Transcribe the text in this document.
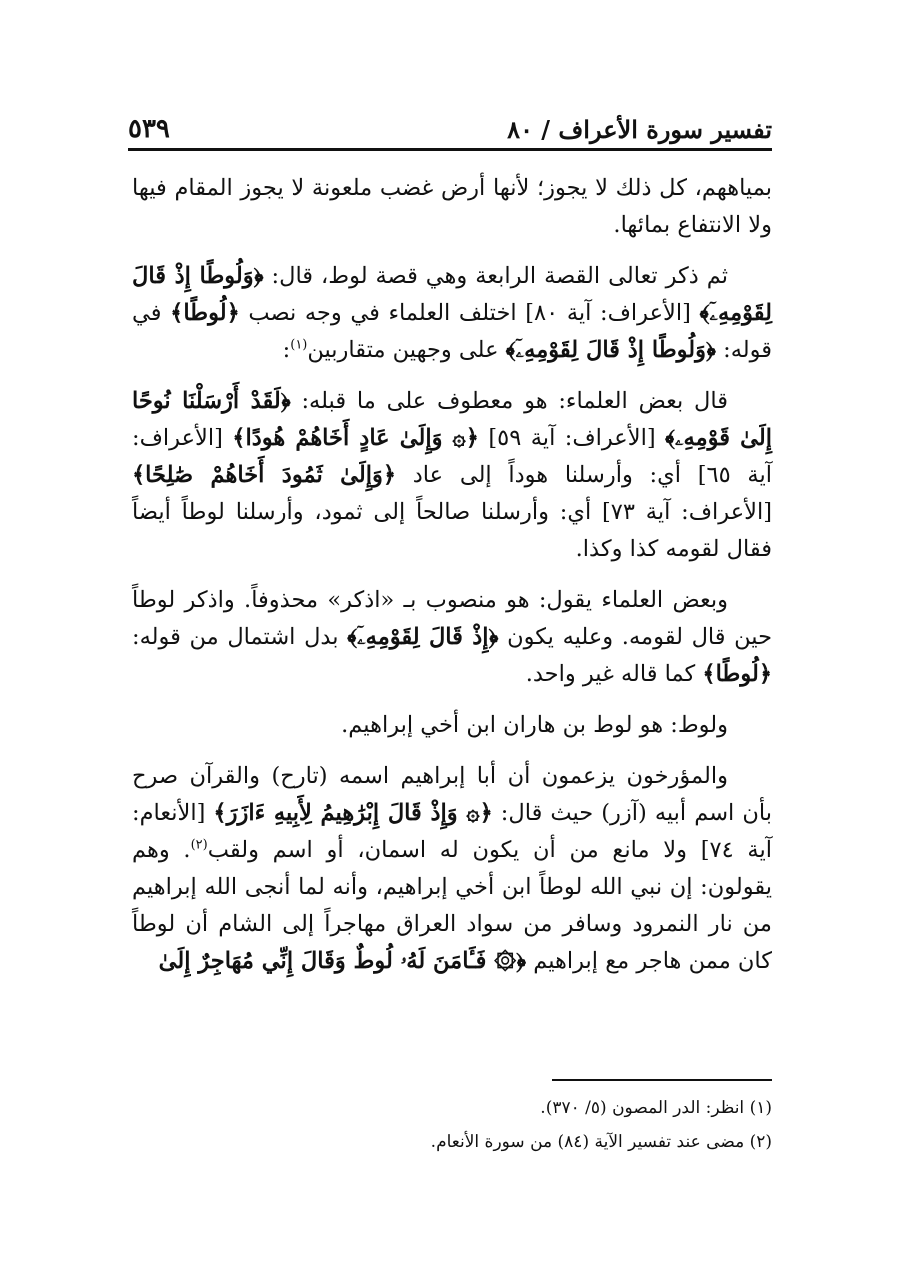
تفسير سورة الأعراف / ٨٠
٥٣٩

بمياههم، كل ذلك لا يجوز؛ لأنها أرض غضب ملعونة لا يجوز المقام فيها ولا الانتفاع بمائها.

ثم ذكر تعالى القصة الرابعة وهي قصة لوط، قال: ﴿وَلُوطًا إِذْ قَالَ لِقَوْمِهِۦٓ﴾ [الأعراف: آية ٨٠] اختلف العلماء في وجه نصب ﴿لُوطًا﴾ في قوله: ﴿وَلُوطًا إِذْ قَالَ لِقَوْمِهِۦٓ﴾ على وجهين متقاربين$^{(١)}$:

قال بعض العلماء: هو معطوف على ما قبله: ﴿لَقَدْ أَرْسَلْنَا نُوحًا إِلَىٰ قَوْمِهِۦ﴾ [الأعراف: آية ٥٩] ﴿۞ وَإِلَىٰ عَادٍ أَخَاهُمْ هُودًا﴾ [الأعراف: آية ٦٥] أي: وأرسلنا هوداً إلى عاد ﴿وَإِلَىٰ ثَمُودَ أَخَاهُمْ صَٰلِحًا﴾ [الأعراف: آية ٧٣] أي: وأرسلنا صالحاً إلى ثمود، وأرسلنا لوطاً أيضاً فقال لقومه كذا وكذا.

وبعض العلماء يقول: هو منصوب بـ «اذكر» محذوفاً. واذكر لوطاً حين قال لقومه. وعليه يكون ﴿إِذْ قَالَ لِقَوْمِهِۦٓ﴾ بدل اشتمال من قوله: ﴿لُوطًا﴾ كما قاله غير واحد.

ولوط: هو لوط بن هاران ابن أخي إبراهيم.

والمؤرخون يزعمون أن أبا إبراهيم اسمه (تارح) والقرآن صرح بأن اسم أبيه (آزر) حيث قال: ﴿۞ وَإِذْ قَالَ إِبْرَٰهِيمُ لِأَبِيهِ ءَازَرَ﴾ [الأنعام: آية ٧٤] ولا مانع من أن يكون له اسمان، أو اسم ولقب$^{(٢)}$. وهم يقولون: إن نبي الله لوطاً ابن أخي إبراهيم، وأنه لما أنجى الله إبراهيم من نار النمرود وسافر من سواد العراق مهاجراً إلى الشام أن لوطاً كان ممن هاجر مع إبراهيم ﴿۞ فَـَٔامَنَ لَهُۥ لُوطٌ وَقَالَ إِنِّي مُهَاجِرٌ إِلَىٰ

(١) انظر: الدر المصون (٥/ ٣٧٠).

(٢) مضى عند تفسير الآية (٨٤) من سورة الأنعام.
